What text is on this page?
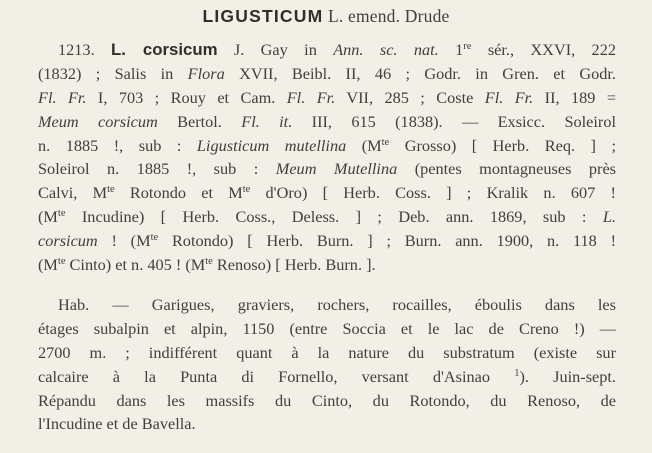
LIGUSTICUM L. emend. Drude

1213. L. corsicum J. Gay in Ann. sc. nat. 1re sér., XXVI, 222
(1832) ; Salis in Flora XVII, Beibl. II, 46 ; Godr. in Gren. et Godr.
Fl. Fr. I, 703 ; Rouy et Cam. Fl. Fr. VII, 285 ; Coste Fl. Fr. II, 189 =
Meum corsicum Bertol. Fl. it. III, 615 (1838). — Exsicc. Soleirol
n. 1885 !, sub : Ligusticum mutellina ($M^{te}$ Grosso) [ Herb. Req. ] ;
Soleirol n. 1885 !, sub : Meum Mutellina (pentes montagneuses près
Calvi, $M^{te}$ Rotondo et $M^{te}$ d'Oro) [ Herb. Coss. ] ; Kralik n. 607 !
($M^{te}$ Incudine) [ Herb. Coss., Deless. ] ; Deb. ann. 1869, sub : L.
corsicum ! ($M^{te}$ Rotondo) [ Herb. Burn. ] ; Burn. ann. 1900, n. 118 !
($M^{te}$ Cinto) et n. 405 ! ($M^{te}$ Renoso) [ Herb. Burn. ].

Hab. — Garigues, graviers, rochers, rocailles, éboulis dans les
étages subalpin et alpin, 1150 (entre Soccia et le lac de Creno !) —
2700 m. ; indifférent quant à la nature du substratum (existe sur
calcaire à la Punta di Fornello, versant d'Asinao $^1$). Juin-sept.
Répandu dans les massifs du Cinto, du Rotondo, du Renoso, de
l'Incudine et de Bavella.
